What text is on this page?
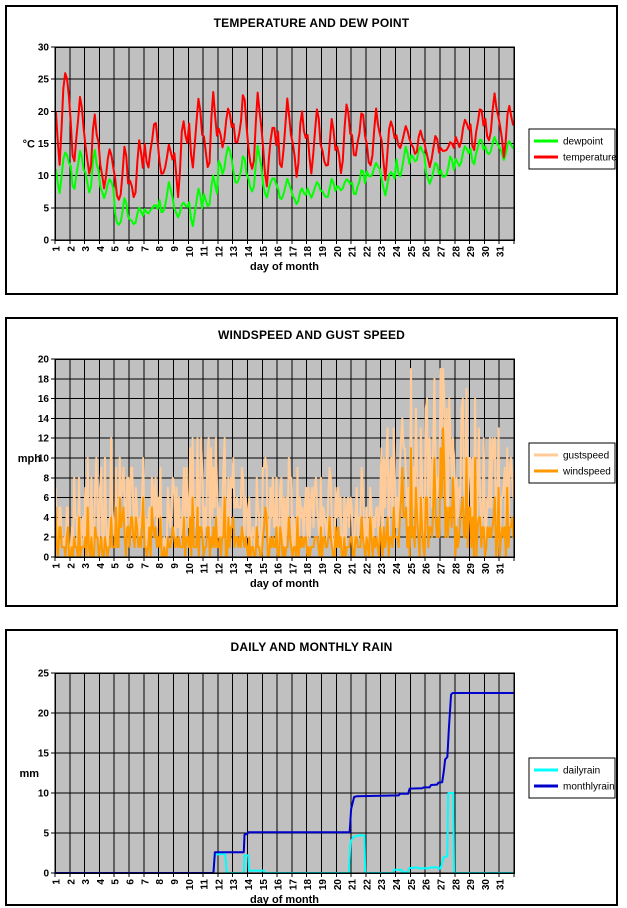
TEMPERATURE AND DEW POINT
0
5
10
15
20
25
30
°C
1 2 3 4 5 6 7 8 9 10 11 12 13 14 15 16 17 18 19 20 21 22 23 24 25 26 27 28 29 30 31
day of month
dewpoint
temperature
WINDSPEED AND GUST SPEED
0
2
4
6
8
10
12
14
16
18
20
mph
1 2 3 4 5 6 7 8 9 10 11 12 13 14 15 16 17 18 19 20 21 22 23 24 25 26 27 28 29 30 31
day of month
gustspeed
windspeed
DAILY AND MONTHLY RAIN
0
5
10
15
20
25
mm
1 2 3 4 5 6 7 8 9 10 11 12 13 14 15 16 17 18 19 20 21 22 23 24 25 26 27 28 29 30 31
day of month
dailyrain
monthlyrain
